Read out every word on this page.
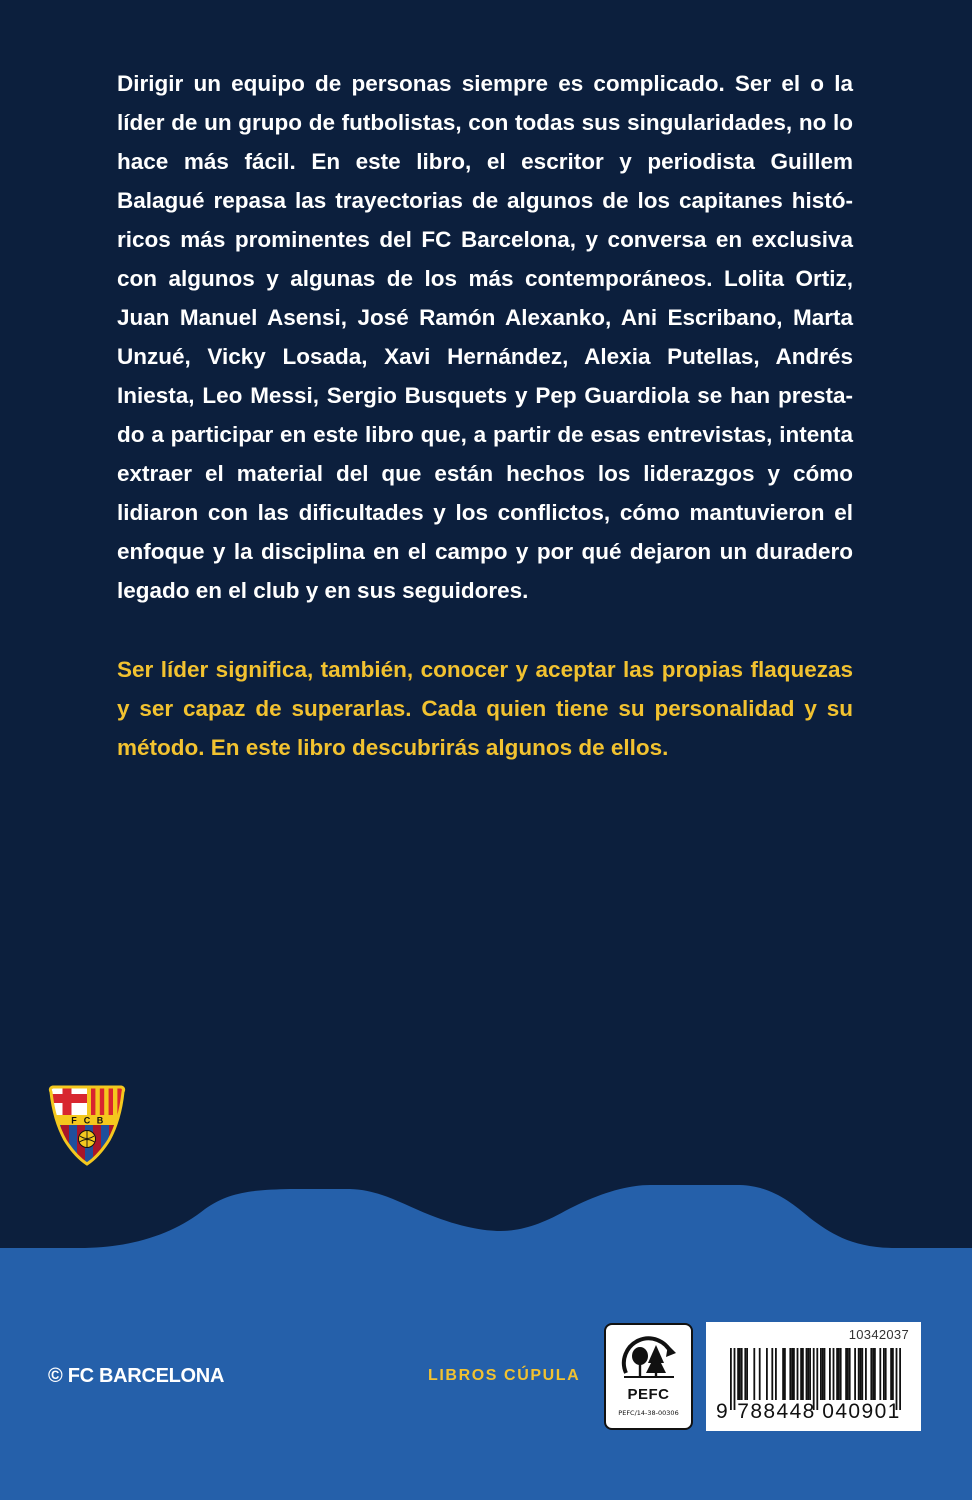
Dirigir un equipo de personas siempre es complicado. Ser el o la líder de un grupo de futbolistas, con todas sus singularidades, no lo hace más fácil. En este libro, el escritor y periodista Guillem Balagué repasa las trayectorias de algunos de los capitanes históricos más prominentes del FC Barcelona, y conversa en exclusiva con algunos y algunas de los más contemporáneos. Lolita Ortiz, Juan Manuel Asensi, José Ramón Alexanko, Ani Escribano, Marta Unzué, Vicky Losada, Xavi Hernández, Alexia Putellas, Andrés Iniesta, Leo Messi, Sergio Busquets y Pep Guardiola se han prestado a participar en este libro que, a partir de esas entrevistas, intenta extraer el material del que están hechos los liderazgos y cómo lidiaron con las dificultades y los conflictos, cómo mantuvieron el enfoque y la disciplina en el campo y por qué dejaron un duradero legado en el club y en sus seguidores.

Ser líder significa, también, conocer y aceptar las propias flaquezas y ser capaz de superarlas. Cada quien tiene su personalidad y su método. En este libro descubrirás algunos de ellos.

F C B
© FC BARCELONA	LIBROS CÚPULA
PEFC
PEFC/14-38-00306
10342037
9 788448 040901
